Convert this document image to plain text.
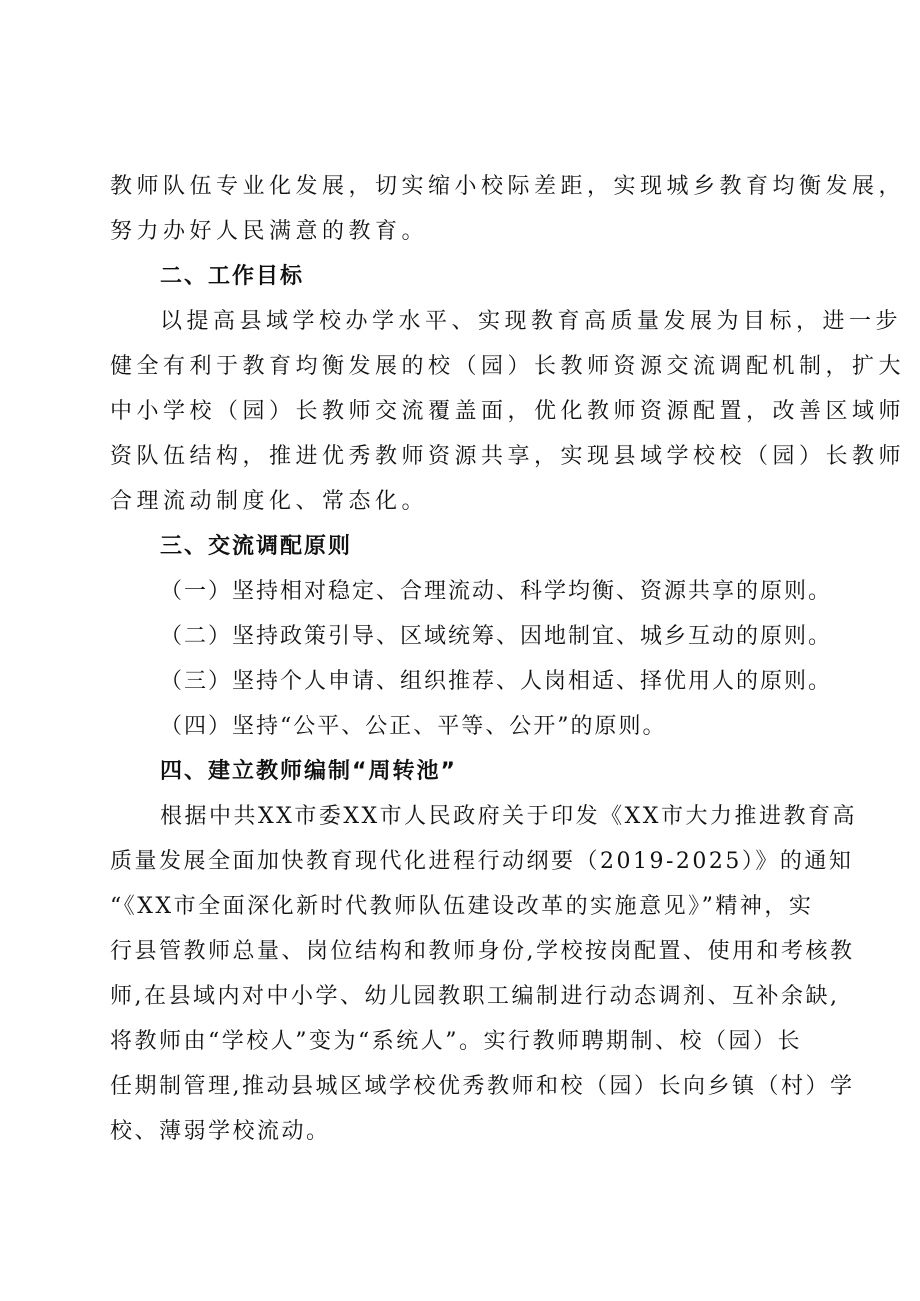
教师队伍专业化发展，切实缩小校际差距，实现城乡教育均衡发展，
努力办好人民满意的教育。
二、工作目标
以提高县域学校办学水平、实现教育高质量发展为目标，进一步
健全有利于教育均衡发展的校（园）长教师资源交流调配机制，扩大
中小学校（园）长教师交流覆盖面，优化教师资源配置，改善区域师
资队伍结构，推进优秀教师资源共享，实现县域学校校（园）长教师
合理流动制度化、常态化。
三、交流调配原则
（一）坚持相对稳定、合理流动、科学均衡、资源共享的原则。
（二）坚持政策引导、区域统筹、因地制宜、城乡互动的原则。
（三）坚持个人申请、组织推荐、人岗相适、择优用人的原则。
（四）坚持“公平、公正、平等、公开”的原则。
四、建立教师编制“周转池”
根据中共XX市委XX市人民政府关于印发《XX市大力推进教育高
质量发展全面加快教育现代化进程行动纲要（2019-2025）》的通知
“《XX市全面深化新时代教师队伍建设改革的实施意见》”精神，实
行县管教师总量、岗位结构和教师身份,学校按岗配置、使用和考核教
师,在县域内对中小学、幼儿园教职工编制进行动态调剂、互补余缺,
将教师由“学校人”变为“系统人”。实行教师聘期制、校（园）长
任期制管理,推动县城区域学校优秀教师和校（园）长向乡镇（村）学
校、薄弱学校流动。
